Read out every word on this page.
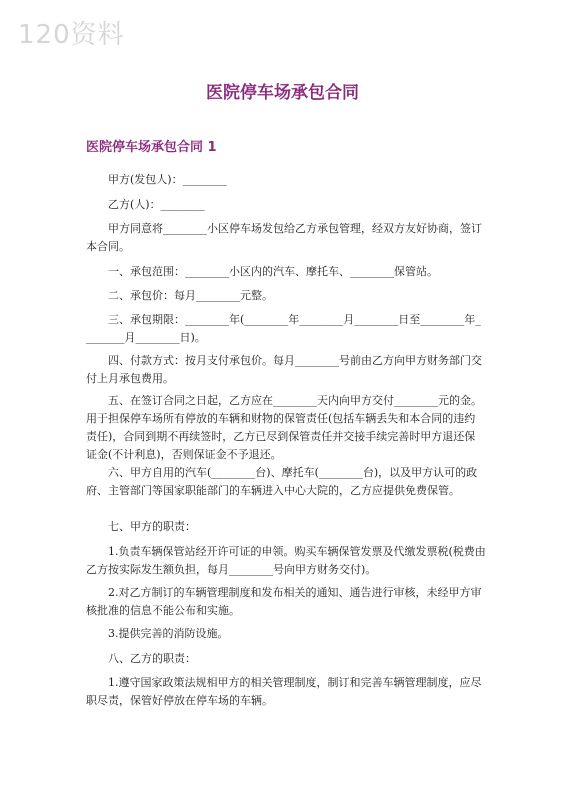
120资料
医院停车场承包合同
医院停车场承包合同 1
甲方(发包人)：________
乙方(人)：________
甲方同意将________小区停车场发包给乙方承包管理，经双方友好协商，签订本合同。
一、承包范围：________小区内的汽车、摩托车、________保管站。
二、承包价：每月________元整。
三、承包期限：________年(________年________月________日至________年________月________日)。
四、付款方式：按月支付承包价。每月________号前由乙方向甲方财务部门交付上月承包费用。
五、在签订合同之日起，乙方应在________天内向甲方交付________元的金。用于担保停车场所有停放的车辆和财物的保管责任(包括车辆丢失和本合同的违约责任)，合同到期不再续签时，乙方已尽到保管责任并交接手续完善时甲方退还保证金(不计利息)，否则保证金不予退还。
六、甲方自用的汽车(________台)、摩托车(________台)，以及甲方认可的政府、主管部门等国家职能部门的车辆进入中心大院的，乙方应提供免费保管。
七、甲方的职责：
1.负责车辆保管站经开许可证的申领。购买车辆保管发票及代缴发票税(税费由乙方按实际发生额负担，每月________号向甲方财务交付)。
2.对乙方制订的车辆管理制度和发布相关的通知、通告进行审核，未经甲方审核批准的信息不能公布和实施。
3.提供完善的消防设施。
八、乙方的职责：
1.遵守国家政策法规相甲方的相关管理制度，制订和完善车辆管理制度，应尽职尽责，保管好停放在停车场的车辆。
